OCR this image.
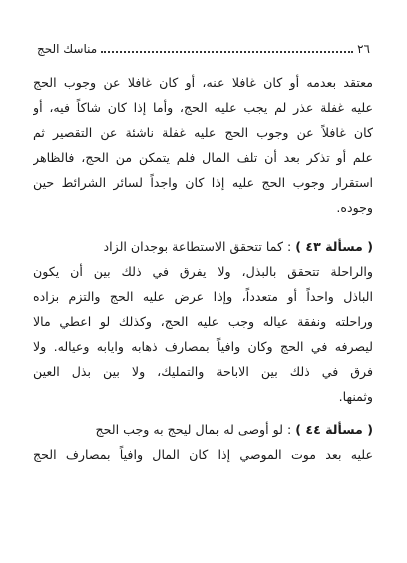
٢٦
مناسك الحج
معتقد بعدمه أو كان غافلا عنه، أو كان غافلا عن وجوب الحج
عليه غفلة عذر لم يجب عليه الحج، وأما إذا كان شاكاً فيه، أو
كان غافلاً عن وجوب الحج عليه غفلة ناشئة عن التقصير ثم
علم أو تذكر بعد أن تلف المال فلم يتمكن من الحج، فالظاهر
استقرار وجوب الحج عليه إذا كان واجداً لسائر الشرائط حين
وجوده.
( مسألة ٤٣ ) : كما تتحقق الاستطاعة بوجدان الزاد
والراحلة تتحقق بالبذل، ولا يفرق في ذلك بين أن يكون
الباذل واحداً أو متعدداً، وإذا عرض عليه الحج والتزم بزاده
وراحلته ونفقة عياله وجب عليه الحج، وكذلك لو اعطي مالا
ليصرفه في الحج وكان وافياً بمصارف ذهابه وايابه وعياله. ولا
فرق في ذلك بين الاباحة والتمليك، ولا بين بذل العين
وثمنها.
( مسألة ٤٤ ) : لو أوصى له بمال ليحج به وجب الحج
عليه بعد موت الموصي إذا كان المال وافياً بمصارف الحج
